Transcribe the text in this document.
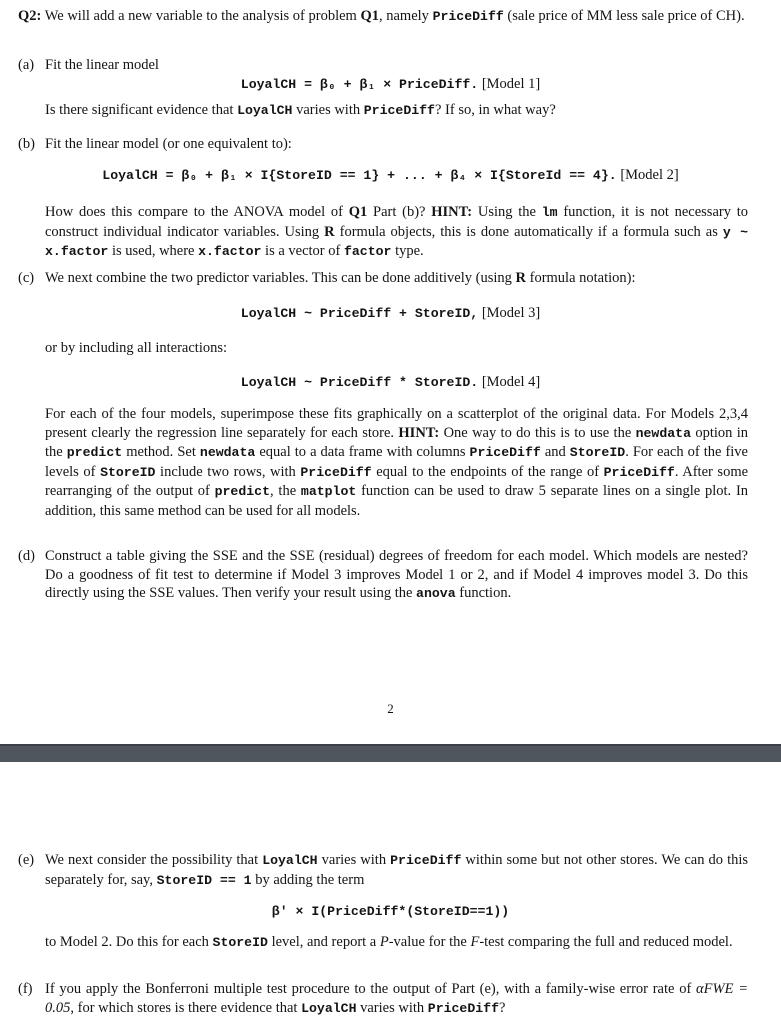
Q2: We will add a new variable to the analysis of problem Q1, namely PriceDiff (sale price of MM less sale price of CH).
(a) Fit the linear model
LoyalCH = β₀ + β₁ × PriceDiff. [Model 1]
Is there significant evidence that LoyalCH varies with PriceDiff? If so, in what way?
(b) Fit the linear model (or one equivalent to):
LoyalCH = β₀ + β₁ × I{StoreID == 1} + ... + β₄ × I{StoreId == 4}. [Model 2]
How does this compare to the ANOVA model of Q1 Part (b)? HINT: Using the lm function, it is not necessary to construct individual indicator variables. Using R formula objects, this is done automatically if a formula such as y ~ x.factor is used, where x.factor is a vector of factor type.
(c) We next combine the two predictor variables. This can be done additively (using R formula notation):
LoyalCH ~ PriceDiff + StoreID, [Model 3]
or by including all interactions:
LoyalCH ~ PriceDiff * StoreID. [Model 4]
For each of the four models, superimpose these fits graphically on a scatterplot of the original data. For Models 2,3,4 present clearly the regression line separately for each store. HINT: One way to do this is to use the newdata option in the predict method. Set newdata equal to a data frame with columns PriceDiff and StoreID. For each of the five levels of StoreID include two rows, with PriceDiff equal to the endpoints of the range of PriceDiff. After some rearranging of the output of predict, the matplot function can be used to draw 5 separate lines on a single plot. In addition, this same method can be used for all models.
(d) Construct a table giving the SSE and the SSE (residual) degrees of freedom for each model. Which models are nested? Do a goodness of fit test to determine if Model 3 improves Model 1 or 2, and if Model 4 improves model 3. Do this directly using the SSE values. Then verify your result using the anova function.
2
(e) We next consider the possibility that LoyalCH varies with PriceDiff within some but not other stores. We can do this separately for, say, StoreID == 1 by adding the term
β′ × I(PriceDiff*(StoreID==1))
to Model 2. Do this for each StoreID level, and report a P-value for the F-test comparing the full and reduced model.
(f) If you apply the Bonferroni multiple test procedure to the output of Part (e), with a family-wise error rate of αFWE = 0.05, for which stores is there evidence that LoyalCH varies with PriceDiff?
